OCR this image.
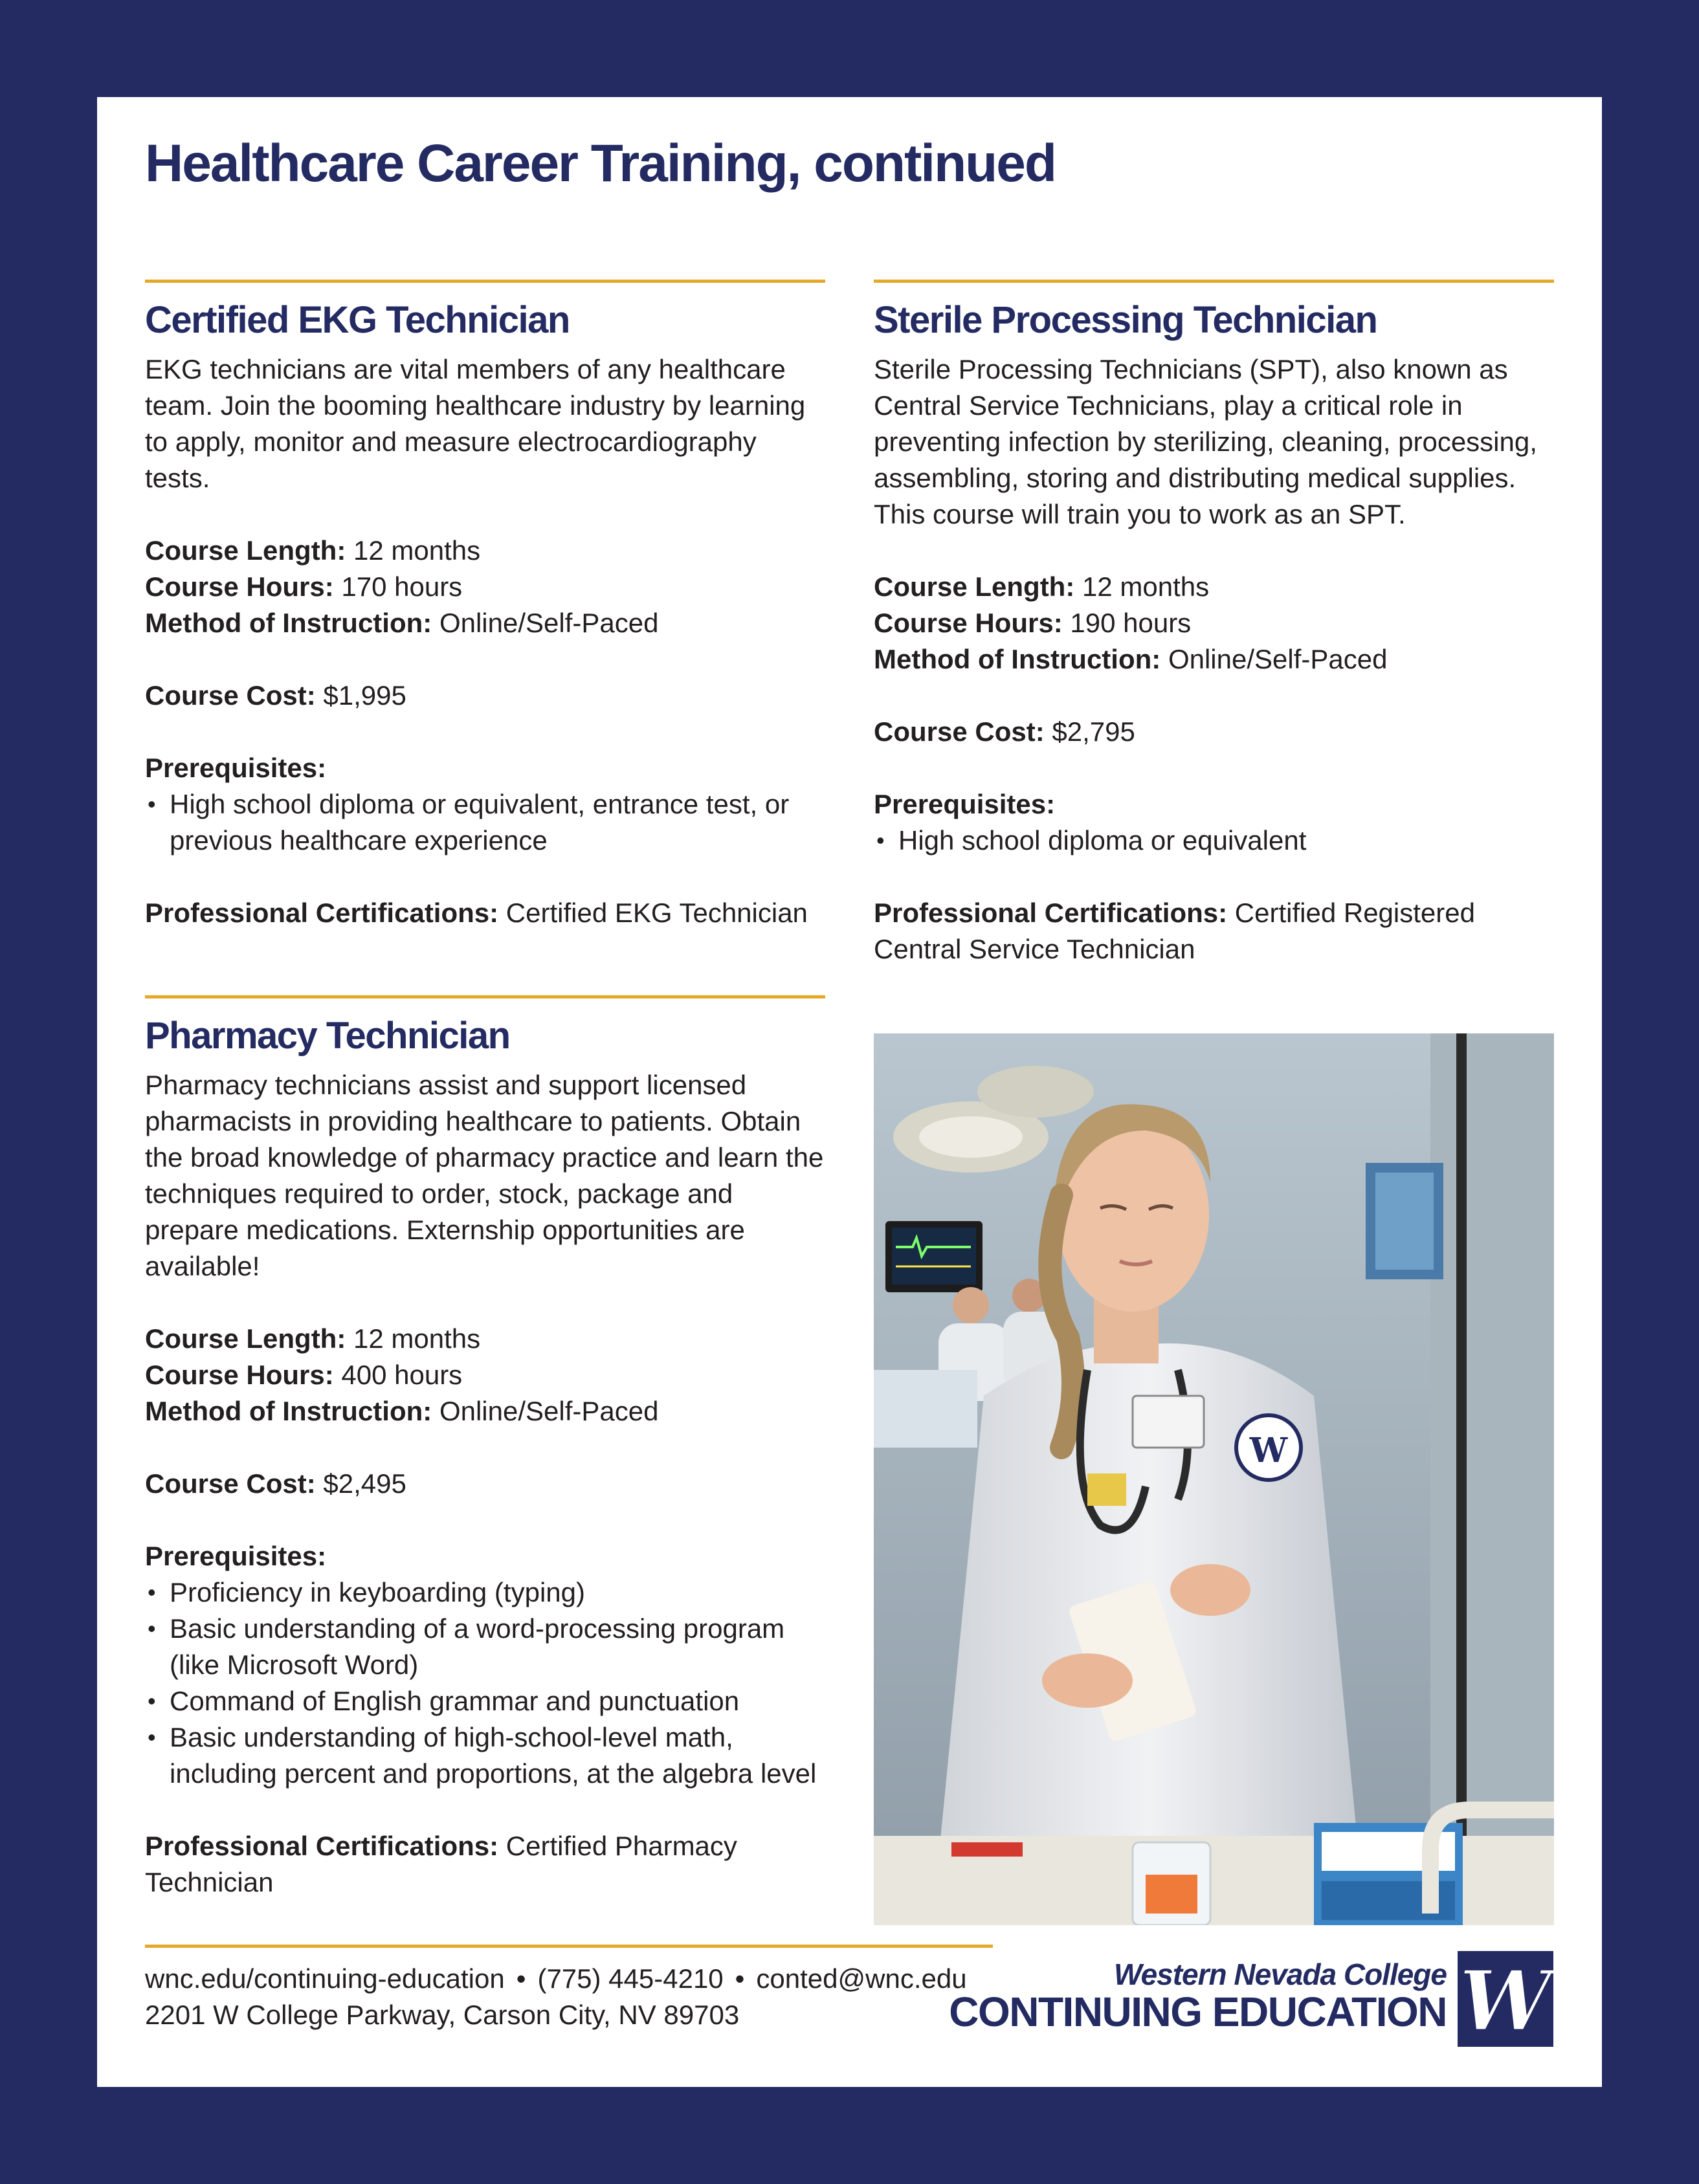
Healthcare Career Training, continued
Certified EKG Technician

EKG technicians are vital members of any healthcare team. Join the booming healthcare industry by learning to apply, monitor and measure electrocardiography tests.

Course Length: 12 months
Course Hours: 170 hours
Method of Instruction: Online/Self-Paced
Course Cost: $1,995
Prerequisites:
• High school diploma or equivalent, entrance test, or previous healthcare experience
Professional Certifications: Certified EKG Technician
Sterile Processing Technician

Sterile Processing Technicians (SPT), also known as Central Service Technicians, play a critical role in preventing infection by sterilizing, cleaning, processing, assembling, storing and distributing medical supplies. This course will train you to work as an SPT.

Course Length: 12 months
Course Hours: 190 hours
Method of Instruction: Online/Self-Paced
Course Cost: $2,795
Prerequisites:
• High school diploma or equivalent
Professional Certifications: Certified Registered Central Service Technician
Pharmacy Technician

Pharmacy technicians assist and support licensed pharmacists in providing healthcare to patients. Obtain the broad knowledge of pharmacy practice and learn the techniques required to order, stock, package and prepare medications. Externship opportunities are available!

Course Length: 12 months
Course Hours: 400 hours
Method of Instruction: Online/Self-Paced
Course Cost: $2,495
Prerequisites:
• Proficiency in keyboarding (typing)
• Basic understanding of a word-processing program (like Microsoft Word)
• Command of English grammar and punctuation
• Basic understanding of high-school-level math, including percent and proportions, at the algebra level
Professional Certifications: Certified Pharmacy Technician
W
wnc.edu/continuing-education • (775) 445-4210 • conted@wnc.edu
2201 W College Parkway, Carson City, NV 89703
Western Nevada College
CONTINUING EDUCATION W
